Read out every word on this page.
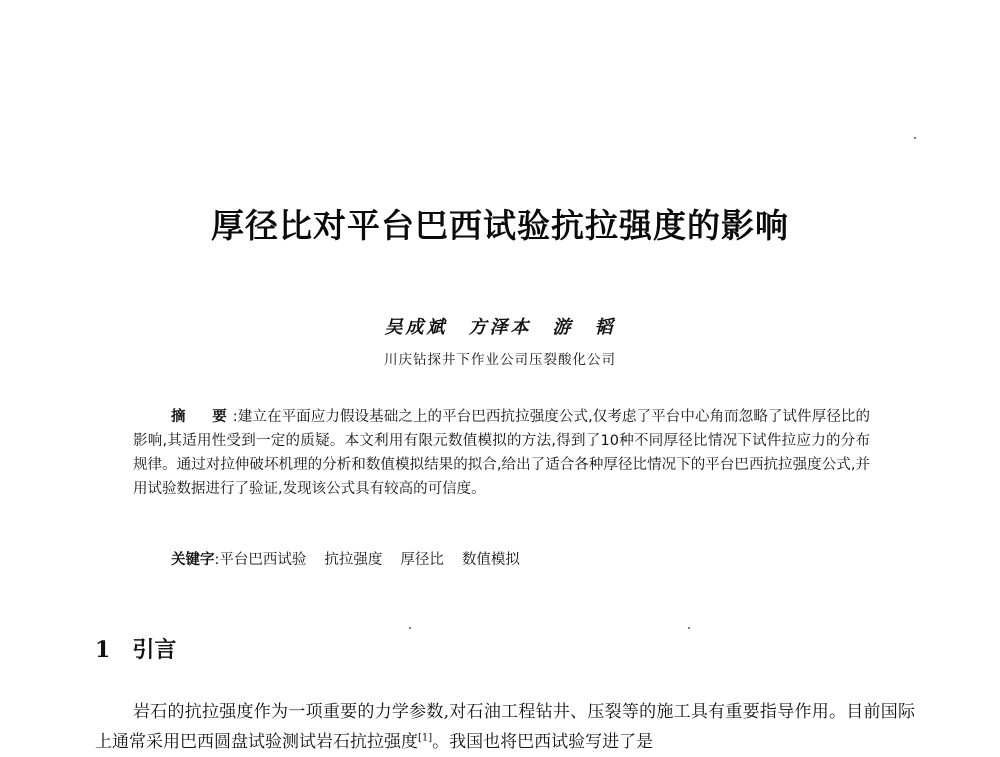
厚径比对平台巴西试验抗拉强度的影响
吴成斌　方泽本　游　韬
川庆钻探井下作业公司压裂酸化公司

摘　要:建立在平面应力假设基础之上的平台巴西抗拉强度公式,仅考虑了平台中心角而忽略了试件厚径比的影响,其适用性受到一定的质疑。本文利用有限元数值模拟的方法,得到了10种不同厚径比情况下试件拉应力的分布规律。通过对拉伸破坏机理的分析和数值模拟结果的拟合,给出了适合各种厚径比情况下的平台巴西抗拉强度公式,并用试验数据进行了验证,发现该公式具有较高的可信度。

关键字:平台巴西试验 抗拉强度 厚径比 数值模拟
1 引言

岩石的抗拉强度作为一项重要的力学参数,对石油工程钻井、压裂等的施工具有重要指导作用。目前国际上通常采用巴西圆盘试验测试岩石抗拉强度[1]。我国也将巴西试验写进了是
